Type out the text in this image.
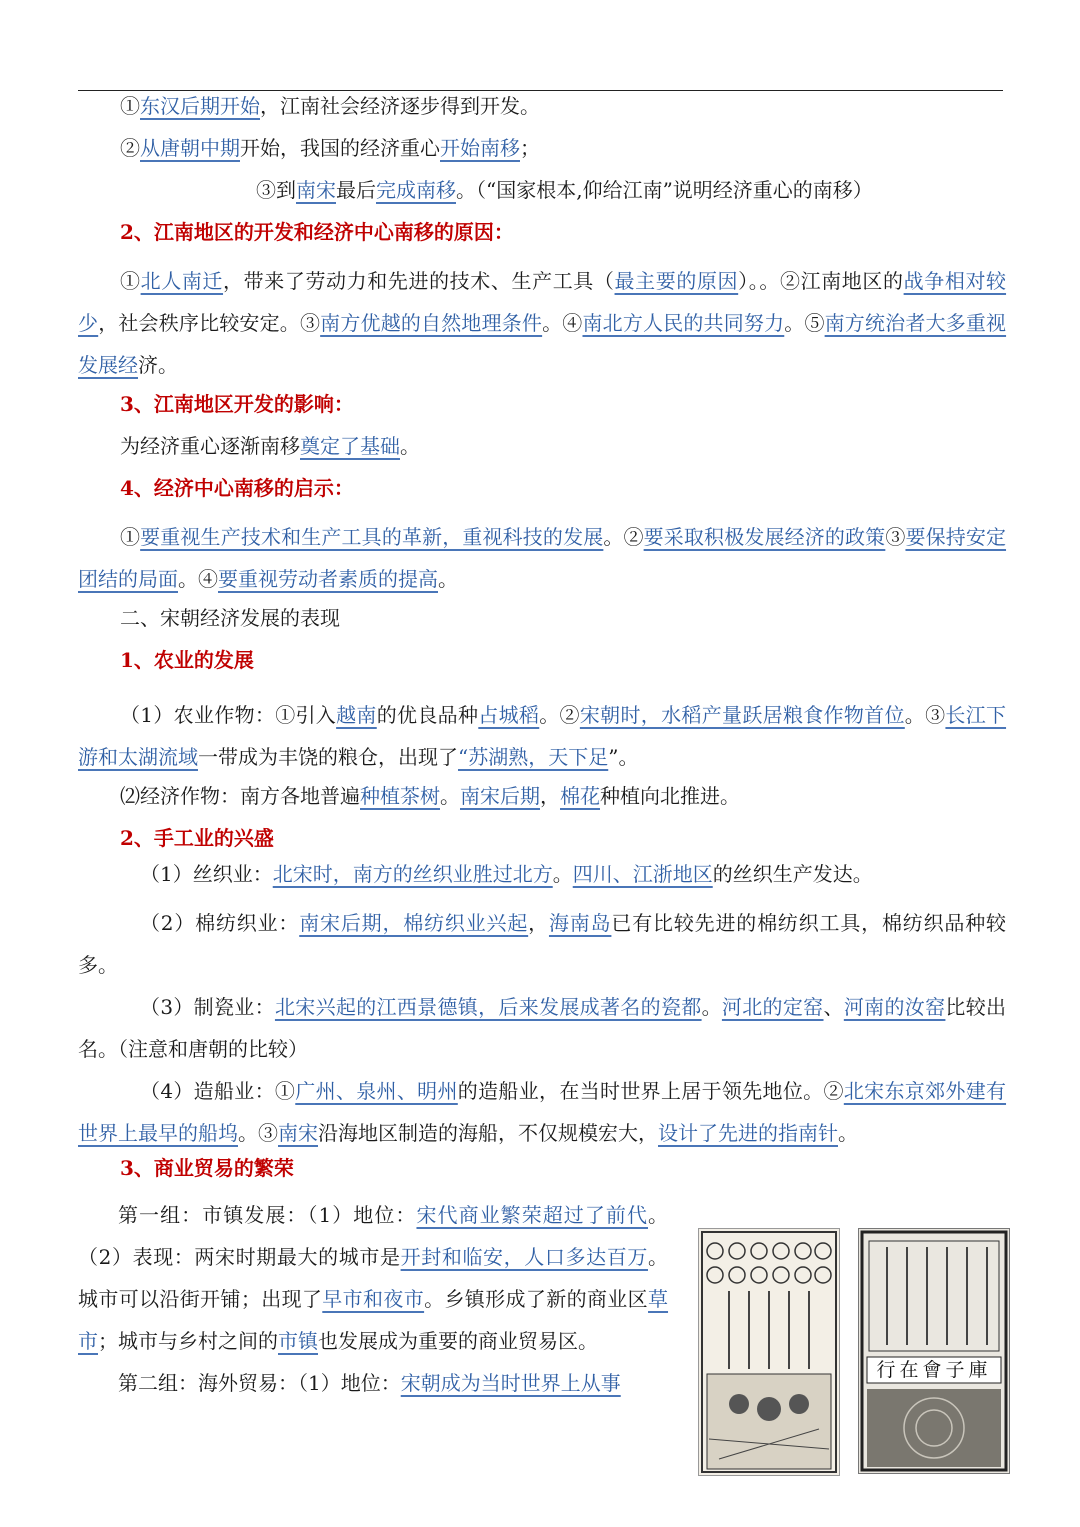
①东汉后期开始，江南社会经济逐步得到开发。
②从唐朝中期开始，我国的经济重心开始南移；
③到南宋最后完成南移。（“国家根本,仰给江南”说明经济重心的南移）
2、江南地区的开发和经济中心南移的原因：
①北人南迁，带来了劳动力和先进的技术、生产工具（最主要的原因）。。②江南地区的战争相对较少，社会秩序比较安定。③南方优越的自然地理条件。④南北方人民的共同努力。⑤南方统治者大多重视发展经济。
3、江南地区开发的影响：
为经济重心逐渐南移奠定了基础。
4、经济中心南移的启示：
①要重视生产技术和生产工具的革新，重视科技的发展。②要采取积极发展经济的政策③要保持安定团结的局面。④要重视劳动者素质的提高。
二、宋朝经济发展的表现
1、农业的发展
（1）农业作物：①引入越南的优良品种占城稻。②宋朝时，水稻产量跃居粮食作物首位。③长江下游和太湖流域一带成为丰饶的粮仓，出现了“苏湖熟，天下足”。
⑵经济作物：南方各地普遍种植茶树。南宋后期，棉花种植向北推进。
2、手工业的兴盛
（1）丝织业：北宋时，南方的丝织业胜过北方。四川、江浙地区的丝织生产发达。
（2）棉纺织业：南宋后期，棉纺织业兴起，海南岛已有比较先进的棉纺织工具，棉纺织品种较多。
（3）制瓷业：北宋兴起的江西景德镇，后来发展成著名的瓷都。河北的定窑、河南的汝窑比较出名。（注意和唐朝的比较）
（4）造船业：①广州、泉州、明州的造船业，在当时世界上居于领先地位。②北宋东京郊外建有世界上最早的船坞。③南宋沿海地区制造的海船，不仅规模宏大，设计了先进的指南针。
3、商业贸易的繁荣
第一组：市镇发展：（1）地位：宋代商业繁荣超过了前代。（2）表现：两宋时期最大的城市是开封和临安，人口多达百万。城市可以沿街开铺；出现了早市和夜市。乡镇形成了新的商业区草市；城市与乡村之间的市镇也发展成为重要的商业贸易区。
第二组：海外贸易：（1）地位：宋朝成为当时世界上从事
行在會子庫
